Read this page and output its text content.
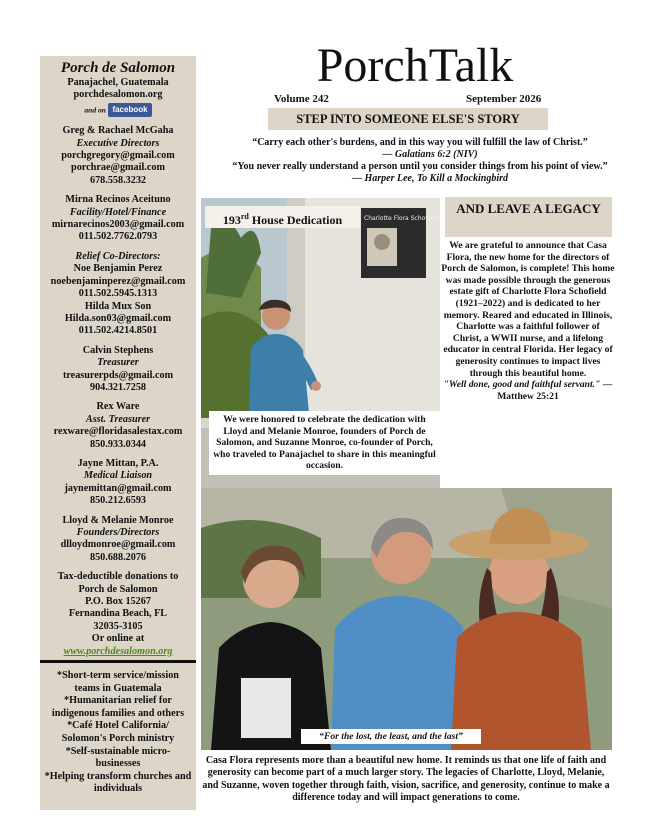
Porch de Salomon
Panajachel, Guatemala
porchdesalomon.org
and on facebook
Greg & Rachael McGaha
Executive Directors
porchgregory@gmail.com
porchrae@gmail.com
678.558.3232
Mirna Recinos Aceituno
Facility/Hotel/Finance
mirnarecinos2003@gmail.com
011.502.7762.0793
Relief Co-Directors:
Noe Benjamin Perez
noebenjaminperez@gmail.com
011.502.5945.1313
Hilda Mux Son
Hilda.son03@gmail.com
011.502.4214.8501
Calvin Stephens
Treasurer
treasurerpds@gmail.com
904.321.7258
Rex Ware
Asst. Treasurer
rexware@floridasalestax.com
850.933.0344
Jayne Mittan, P.A.
Medical Liaison
jaynemittan@gmail.com
850.212.6593
Lloyd & Melanie Monroe
Founders/Directors
dlloydmonroe@gmail.com
850.688.2076
Tax-deductible donations to
Porch de Salomon
P.O. Box 15267
Fernandina Beach, FL
32035-3105
Or online at
www.porchdesalomon.org
*Short-term service/mission teams in Guatemala
*Humanitarian relief for indigenous families and others
*Café Hotel California/ Solomon's Porch ministry
*Self-sustainable micro-businesses
*Helping transform churches and individuals
PorchTalk
Volume 242	September 2026
STEP INTO SOMEONE ELSE'S STORY
“Carry each other's burdens, and in this way you will fulfill the law of Christ.”
— Galatians 6:2 (NIV)
“You never really understand a person until you consider things from his point of view.”
— Harper Lee, To Kill a Mockingbird
Charlotte Flora Schofield
193rd House Dedication
We were honored to celebrate the dedication with Lloyd and Melanie Monroe, founders of Porch de Salomon, and Suzanne Monroe, co-founder of Porch, who traveled to Panajachel to share in this meaningful occasion.
AND LEAVE A LEGACY
We are grateful to announce that Casa Flora, the new home for the directors of Porch de Salomon, is complete! This home was made possible through the generous estate gift of Charlotte Flora Schofield (1921–2022) and is dedicated to her memory. Reared and educated in Illinois, Charlotte was a faithful follower of Christ, a WWII nurse, and a lifelong educator in central Florida. Her legacy of generosity continues to impact lives through this beautiful home.
"Well done, good and faithful servant." — Matthew 25:21
“For the lost, the least, and the last”
Casa Flora represents more than a beautiful new home. It reminds us that one life of faith and generosity can become part of a much larger story. The legacies of Charlotte, Lloyd, Melanie, and Suzanne, woven together through faith, vision, sacrifice, and generosity, continue to make a difference today and will impact generations to come.
